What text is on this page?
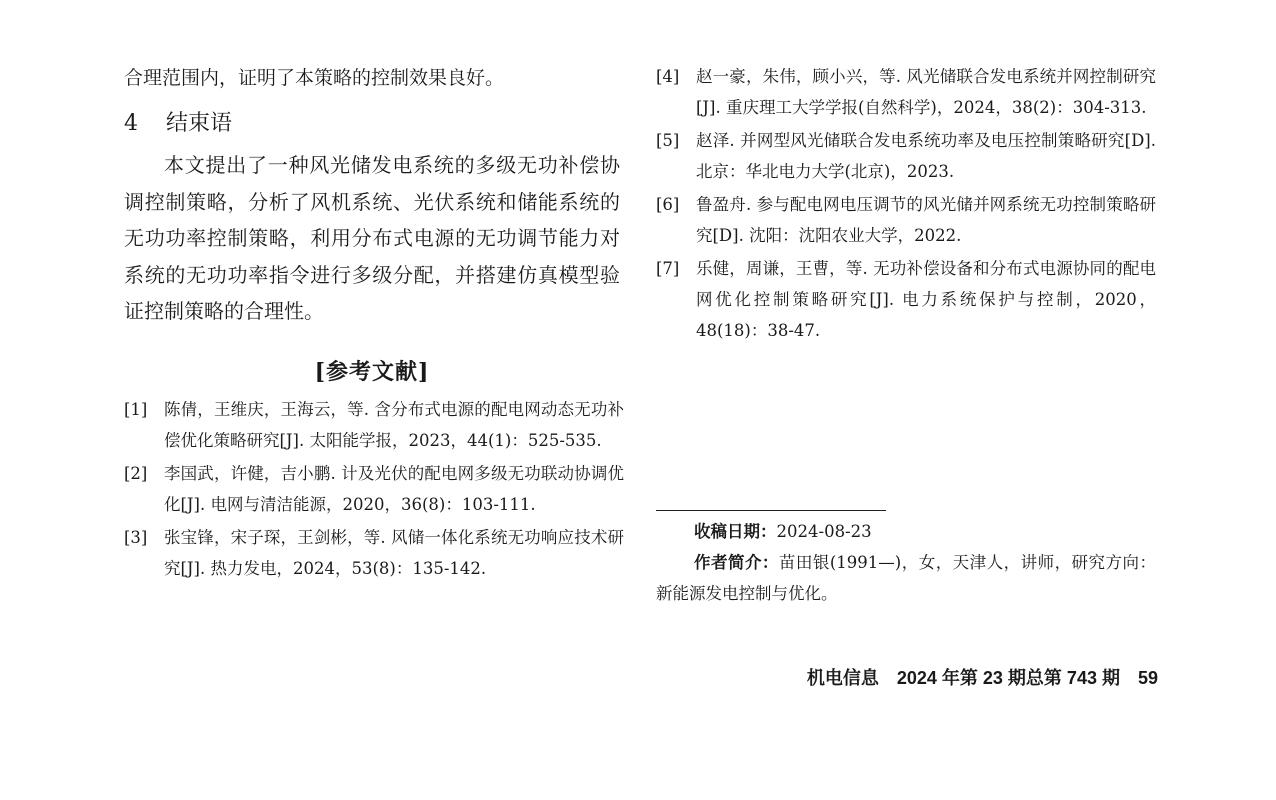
合理范围内，证明了本策略的控制效果良好。
4 结束语

本文提出了一种风光储发电系统的多级无功补偿协调控制策略，分析了风机系统、光伏系统和储能系统的无功功率控制策略，利用分布式电源的无功调节能力对系统的无功功率指令进行多级分配，并搭建仿真模型验证控制策略的合理性。

[参考文献]
[1] 陈倩，王维庆，王海云，等. 含分布式电源的配电网动态无功补偿优化策略研究[J]. 太阳能学报，2023，44(1)：525-535.
[2] 李国武，许健，吉小鹏. 计及光伏的配电网多级无功联动协调优化[J]. 电网与清洁能源，2020，36(8)：103-111.
[3] 张宝锋，宋子琛，王剑彬，等. 风储一体化系统无功响应技术研究[J]. 热力发电，2024，53(8)：135-142.
[4] 赵一豪，朱伟，顾小兴，等. 风光储联合发电系统并网控制研究[J]. 重庆理工大学学报(自然科学)，2024，38(2)：304-313.
[5] 赵泽. 并网型风光储联合发电系统功率及电压控制策略研究[D]. 北京：华北电力大学(北京)，2023.
[6] 鲁盈舟. 参与配电网电压调节的风光储并网系统无功控制策略研究[D]. 沈阳：沈阳农业大学，2022.
[7] 乐健，周谦，王曹，等. 无功补偿设备和分布式电源协同的配电网优化控制策略研究[J]. 电力系统保护与控制，2020，48(18)：38-47.
收稿日期：2024-08-23
作者简介：苗田银(1991—)，女，天津人，讲师，研究方向：新能源发电控制与优化。
机电信息 2024 年第 23 期总第 743 期 59
